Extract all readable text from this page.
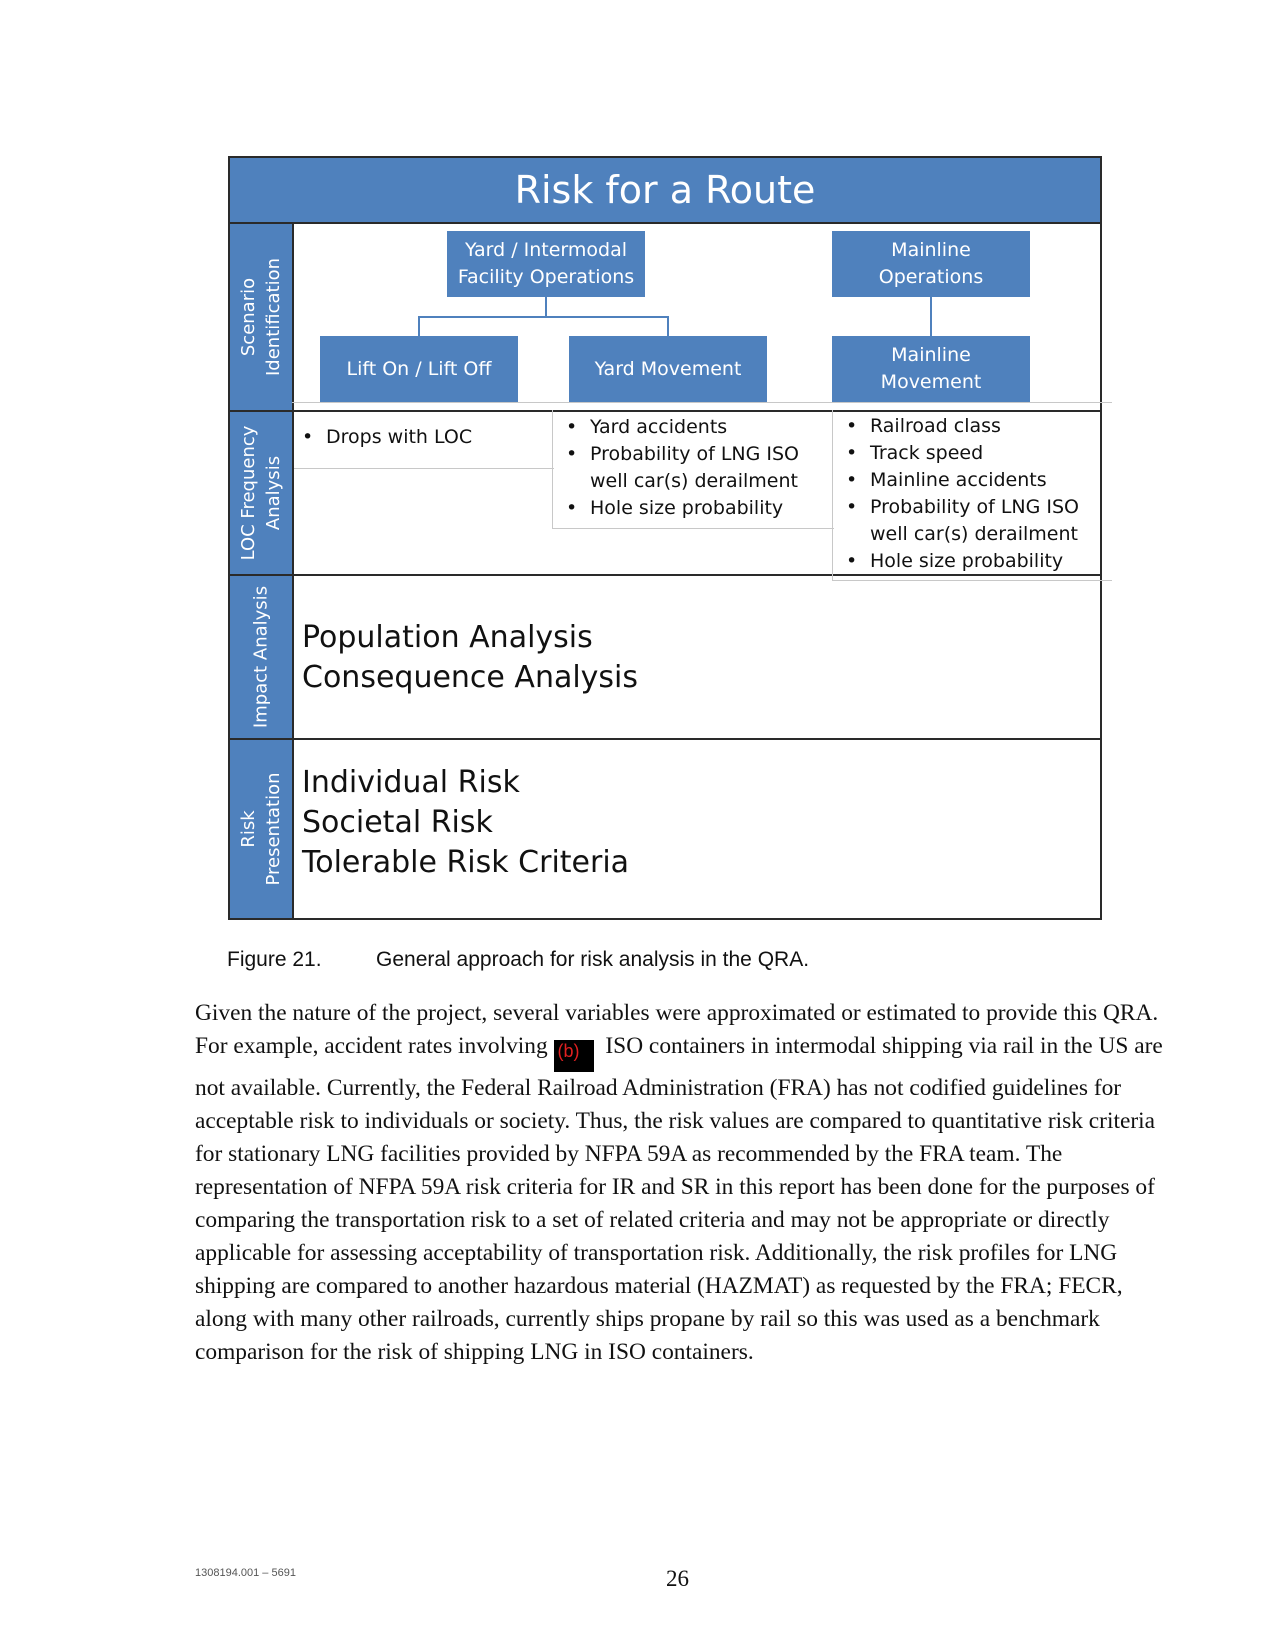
Risk for a Route
Scenario
Identification
LOC Frequency
Analysis
Impact Analysis
Risk
Presentation
Yard / Intermodal
Facility Operations
Mainline
Operations
Lift On / Lift Off	Yard Movement
Mainline
Movement
• Drops with LOC
•	Yard accidents
• Probability of LNG ISO
well car(s) derailment
• Hole size probability
• Railroad class
• Track speed
• Mainline accidents
• Probability of LNG ISO
well car(s) derailment
• Hole size probability
Population Analysis
Consequence Analysis
Individual Risk
Societal Risk
Tolerable Risk Criteria
Figure 21.	General approach for risk analysis in the QRA.
Given the nature of the project, several variables were approximated or estimated to provide this QRA. For example, accident rates involving (b) ISO containers in intermodal shipping via rail in the US are not available. Currently, the Federal Railroad Administration (FRA) has not codified guidelines for acceptable risk to individuals or society. Thus, the risk values are compared to quantitative risk criteria for stationary LNG facilities provided by NFPA 59A as recommended by the FRA team. The representation of NFPA 59A risk criteria for IR and SR in this report has been done for the purposes of comparing the transportation risk to a set of related criteria and may not be appropriate or directly applicable for assessing acceptability of transportation risk. Additionally, the risk profiles for LNG shipping are compared to another hazardous material (HAZMAT) as requested by the FRA; FECR, along with many other railroads, currently ships propane by rail so this was used as a benchmark comparison for the risk of shipping LNG in ISO containers.
1308194.001 – 5691	26
